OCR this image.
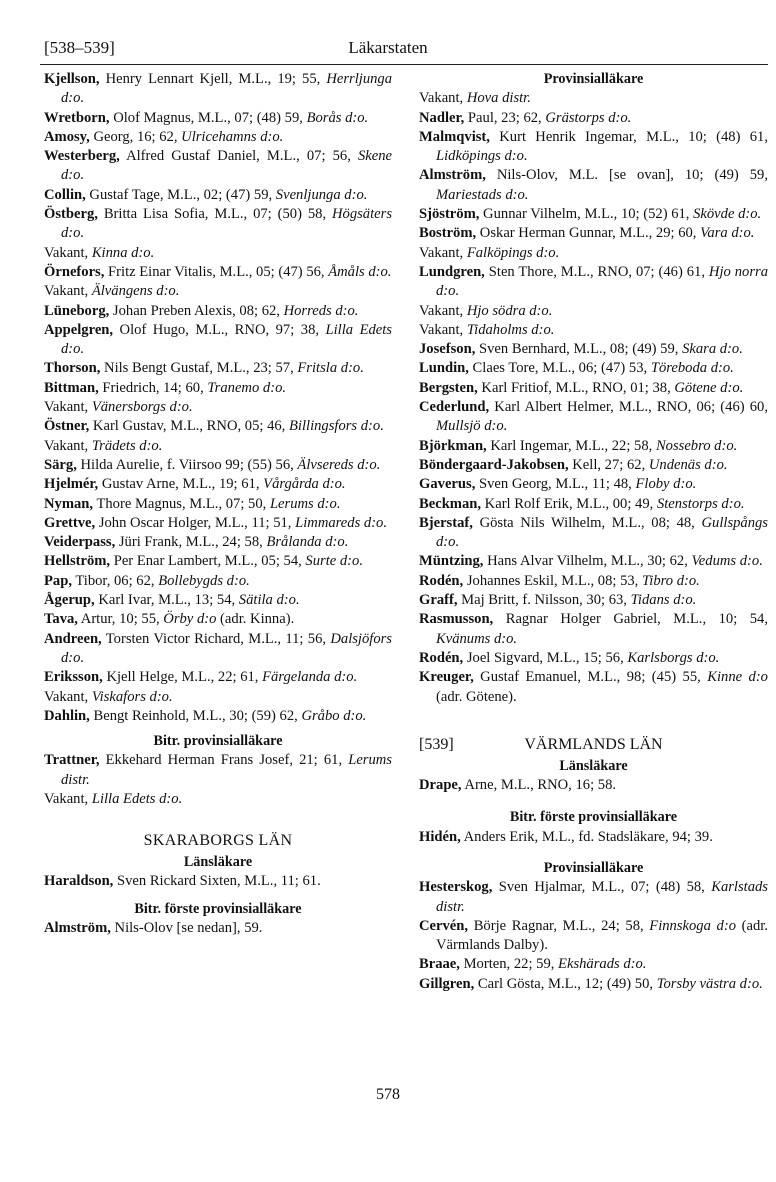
[538–539]	Läkarstaten

Kjellson, Henry Lennart Kjell, M.L., 19; 55, Herrljunga d:o.

Wretborn, Olof Magnus, M.L., 07; (48) 59, Borås d:o.

Amosy, Georg, 16; 62, Ulricehamns d:o.

Westerberg, Alfred Gustaf Daniel, M.L., 07; 56, Skene d:o.

Collin, Gustaf Tage, M.L., 02; (47) 59, Svenljunga d:o.

Östberg, Britta Lisa Sofia, M.L., 07; (50) 58, Högsäters d:o.

Vakant, Kinna d:o.

Örnefors, Fritz Einar Vitalis, M.L., 05; (47) 56, Åmåls d:o.

Vakant, Älvängens d:o.

Lüneborg, Johan Preben Alexis, 08; 62, Horreds d:o.

Appelgren, Olof Hugo, M.L., RNO, 97; 38, Lilla Edets d:o.

Thorson, Nils Bengt Gustaf, M.L., 23; 57, Fritsla d:o.

Bittman, Friedrich, 14; 60, Tranemo d:o.

Vakant, Vänersborgs d:o.

Östner, Karl Gustav, M.L., RNO, 05; 46, Billingsfors d:o.

Vakant, Trädets d:o.

Särg, Hilda Aurelie, f. Viirsoo 99; (55) 56, Älvsereds d:o.

Hjelmér, Gustav Arne, M.L., 19; 61, Vårgårda d:o.

Nyman, Thore Magnus, M.L., 07; 50, Lerums d:o.

Grettve, John Oscar Holger, M.L., 11; 51, Limmareds d:o.

Veiderpass, Jüri Frank, M.L., 24; 58, Brålanda d:o.

Hellström, Per Enar Lambert, M.L., 05; 54, Surte d:o.

Pap, Tibor, 06; 62, Bollebygds d:o.

Ågerup, Karl Ivar, M.L., 13; 54, Sätila d:o.

Tava, Artur, 10; 55, Örby d:o (adr. Kinna).

Andreen, Torsten Victor Richard, M.L., 11; 56, Dalsjöfors d:o.

Eriksson, Kjell Helge, M.L., 22; 61, Färgelanda d:o.

Vakant, Viskafors d:o.

Dahlin, Bengt Reinhold, M.L., 30; (59) 62, Gråbo d:o.

Bitr. provinsialläkare

Trattner, Ekkehard Herman Frans Josef, 21; 61, Lerums distr.

Vakant, Lilla Edets d:o.

SKARABORGS LÄN

Länsläkare

Haraldson, Sven Rickard Sixten, M.L., 11; 61.

Bitr. förste provinsialläkare

Almström, Nils-Olov [se nedan], 59.

Provinsialläkare

Vakant, Hova distr.

Nadler, Paul, 23; 62, Grästorps d:o.

Malmqvist, Kurt Henrik Ingemar, M.L., 10; (48) 61, Lidköpings d:o.

Almström, Nils-Olov, M.L. [se ovan], 10; (49) 59, Mariestads d:o.

Sjöström, Gunnar Vilhelm, M.L., 10; (52) 61, Skövde d:o.

Boström, Oskar Herman Gunnar, M.L., 29; 60, Vara d:o.

Vakant, Falköpings d:o.

Lundgren, Sten Thore, M.L., RNO, 07; (46) 61, Hjo norra d:o.

Vakant, Hjo södra d:o.

Vakant, Tidaholms d:o.

Josefson, Sven Bernhard, M.L., 08; (49) 59, Skara d:o.

Lundin, Claes Tore, M.L., 06; (47) 53, Töreboda d:o.

Bergsten, Karl Fritiof, M.L., RNO, 01; 38, Götene d:o.

Cederlund, Karl Albert Helmer, M.L., RNO, 06; (46) 60, Mullsjö d:o.

Björkman, Karl Ingemar, M.L., 22; 58, Nossebro d:o.

Böndergaard-Jakobsen, Kell, 27; 62, Undenäs d:o.

Gaverus, Sven Georg, M.L., 11; 48, Floby d:o.

Beckman, Karl Rolf Erik, M.L., 00; 49, Stenstorps d:o.

Bjerstaf, Gösta Nils Wilhelm, M.L., 08; 48, Gullspångs d:o.

Müntzing, Hans Alvar Vilhelm, M.L., 30; 62, Vedums d:o.

Rodén, Johannes Eskil, M.L., 08; 53, Tibro d:o.

Graff, Maj Britt, f. Nilsson, 30; 63, Tidans d:o.

Rasmusson, Ragnar Holger Gabriel, M.L., 10; 54, Kvänums d:o.

Rodén, Joel Sigvard, M.L., 15; 56, Karlsborgs d:o.

Kreuger, Gustaf Emanuel, M.L., 98; (45) 55, Kinne d:o (adr. Götene).

[539]	VÄRMLANDS LÄN

Länsläkare

Drape, Arne, M.L., RNO, 16; 58.

Bitr. förste provinsialläkare

Hidén, Anders Erik, M.L., fd. Stadsläkare, 94; 39.

Provinsialläkare

Hesterskog, Sven Hjalmar, M.L., 07; (48) 58, Karlstads distr.

Cervén, Börje Ragnar, M.L., 24; 58, Finnskoga d:o (adr. Värmlands Dalby).

Braae, Morten, 22; 59, Ekshärads d:o.

Gillgren, Carl Gösta, M.L., 12; (49) 50, Torsby västra d:o.

578
